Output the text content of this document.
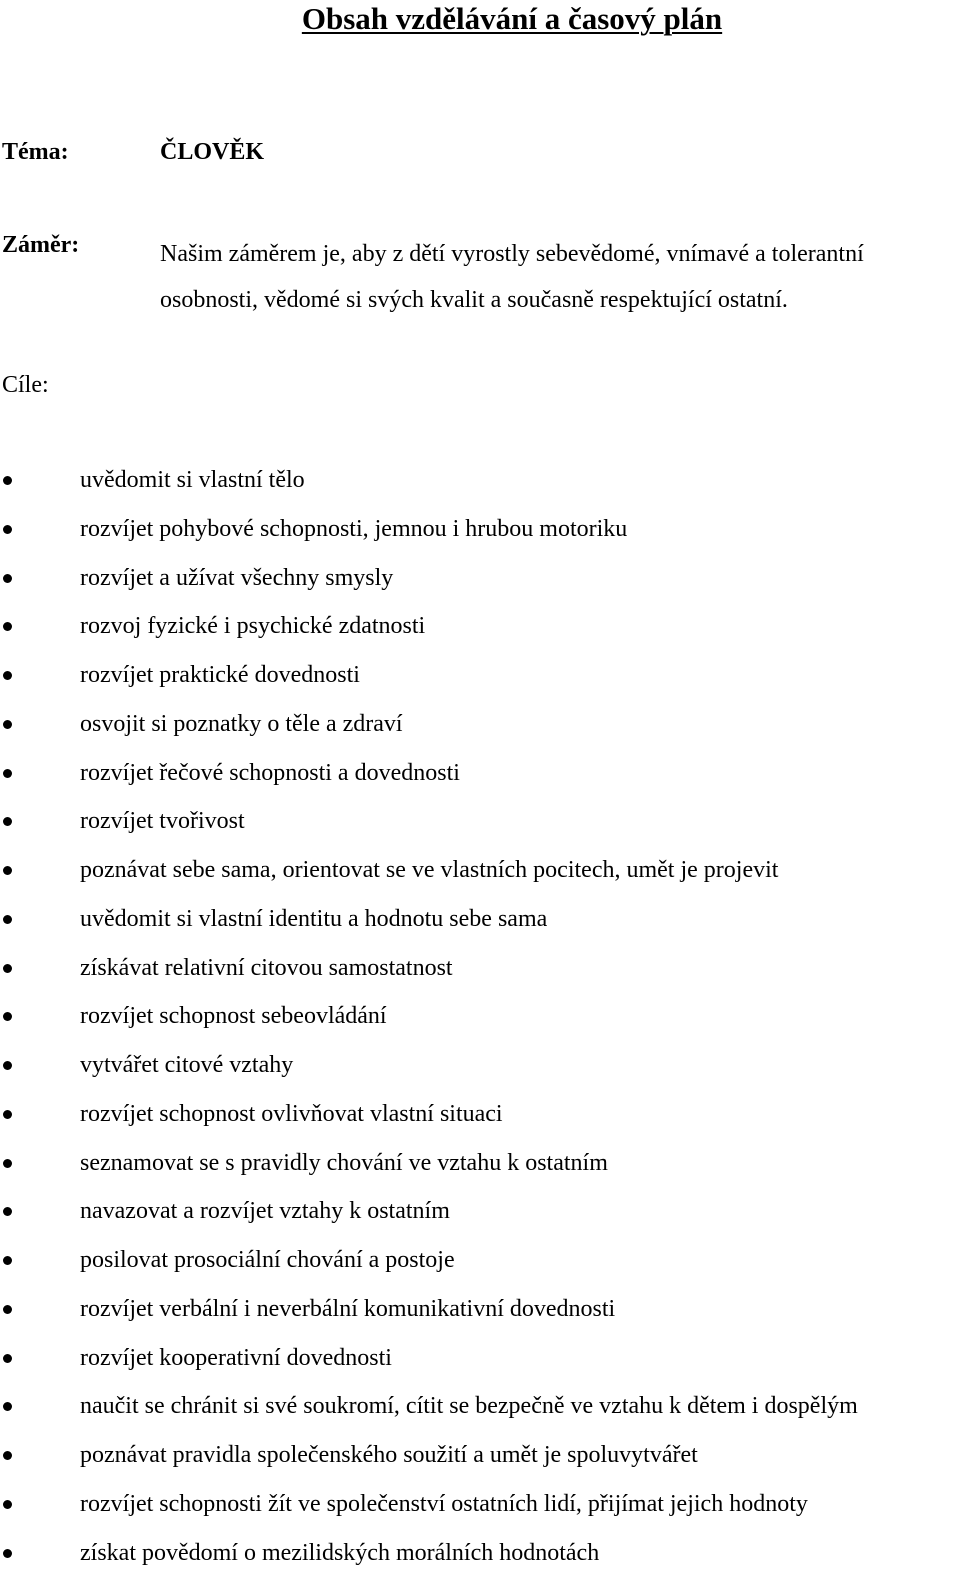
Obsah vzdělávání a časový plán
Téma:	ČLOVĚK
Záměr:	Našim záměrem je, aby z dětí vyrostly sebevědomé, vnímavé a tolerantní
osobnosti, vědomé si svých kvalit a současně respektující ostatní.
Cíle:
uvědomit si vlastní tělo
rozvíjet pohybové schopnosti, jemnou i hrubou motoriku
rozvíjet a užívat všechny smysly
rozvoj fyzické i psychické zdatnosti
rozvíjet praktické dovednosti
osvojit si poznatky o těle a zdraví
rozvíjet řečové schopnosti a dovednosti
rozvíjet tvořivost
poznávat sebe sama, orientovat se ve vlastních pocitech, umět je projevit
uvědomit si vlastní identitu a hodnotu sebe sama
získávat relativní citovou samostatnost
rozvíjet schopnost sebeovládání
vytvářet citové vztahy
rozvíjet schopnost ovlivňovat vlastní situaci
seznamovat se s pravidly chování ve vztahu k ostatním
navazovat a rozvíjet vztahy k ostatním
posilovat prosociální chování a postoje
rozvíjet verbální i neverbální komunikativní dovednosti
rozvíjet kooperativní dovednosti
naučit se chránit si své soukromí, cítit se bezpečně ve vztahu k dětem i dospělým
poznávat pravidla společenského soužití a umět je spoluvytvářet
rozvíjet schopnosti žít ve společenství ostatních lidí, přijímat jejich hodnoty
získat povědomí o mezilidských morálních hodnotách
